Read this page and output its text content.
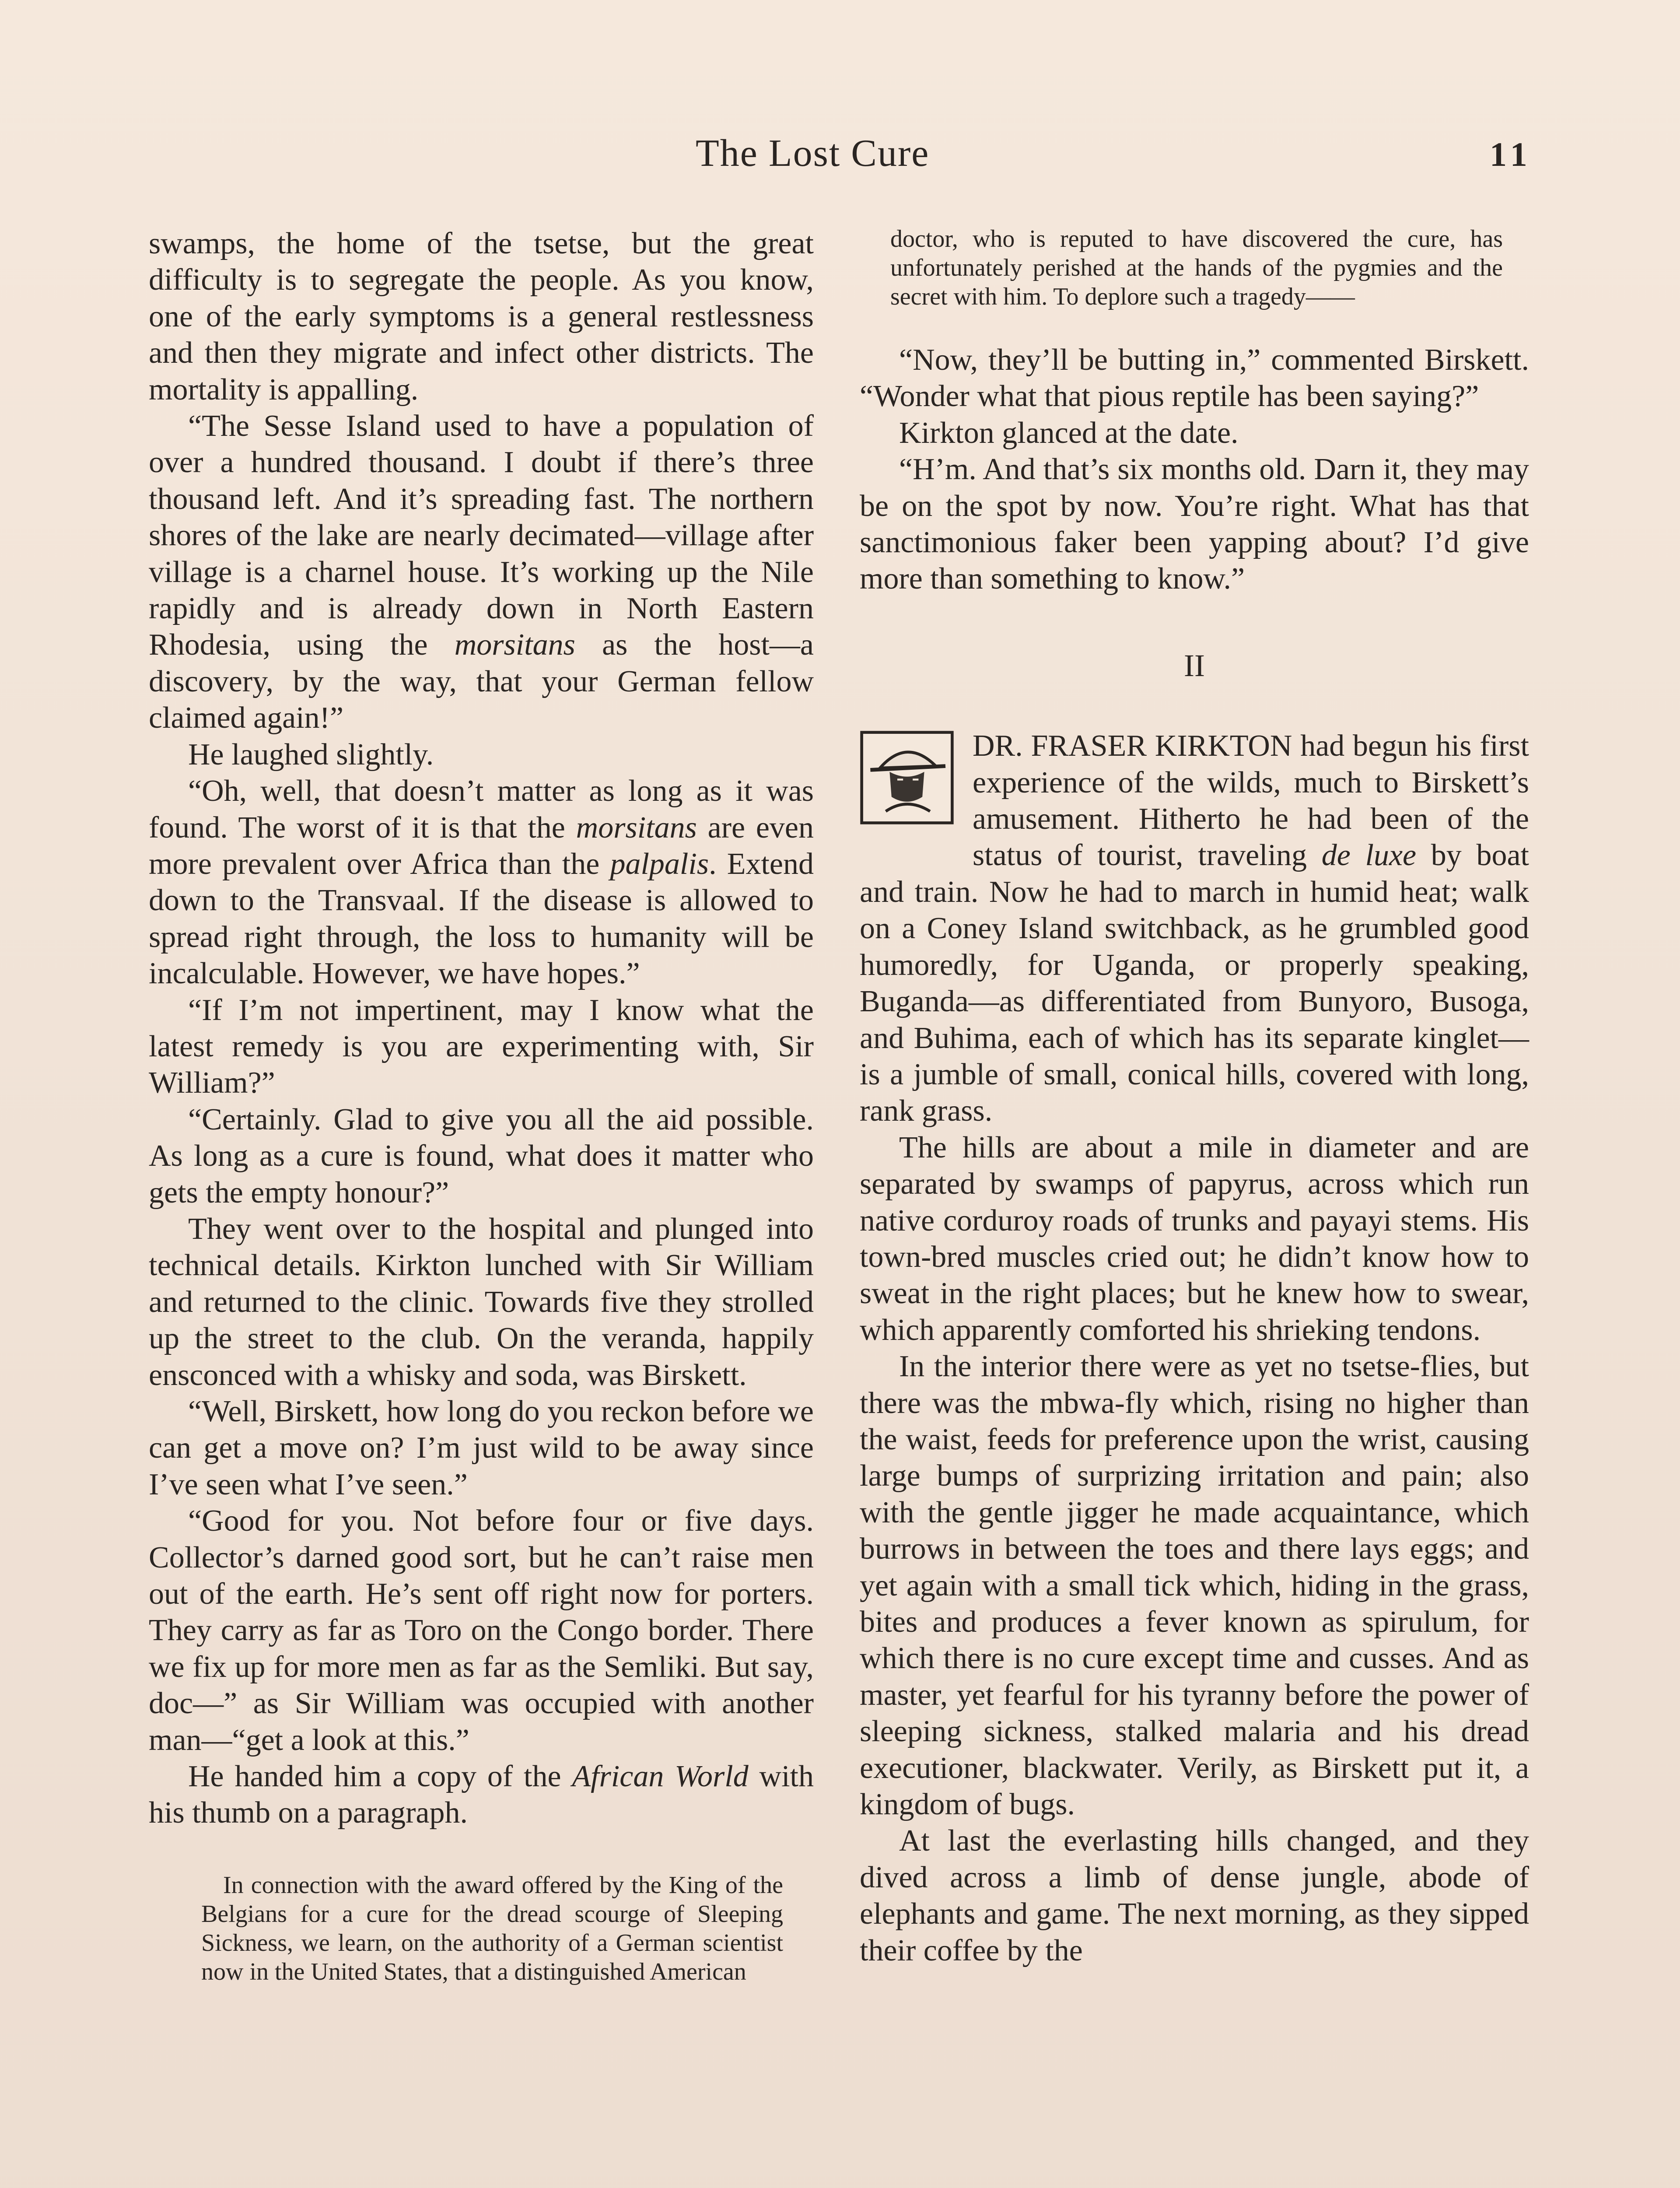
The Lost Cure	11

swamps, the home of the tsetse, but the great difficulty is to segregate the people. As you know, one of the early symptoms is a general restlessness and then they migrate and infect other districts. The mortality is appalling.

“The Sesse Island used to have a population of over a hundred thousand. I doubt if there’s three thousand left. And it’s spreading fast. The northern shores of the lake are nearly decimated—village after village is a charnel house. It’s working up the Nile rapidly and is already down in North Eastern Rhodesia, using the morsitans as the host—a discovery, by the way, that your German fellow claimed again!”

He laughed slightly.

“Oh, well, that doesn’t matter as long as it was found. The worst of it is that the morsitans are even more prevalent over Africa than the palpalis. Extend down to the Transvaal. If the disease is allowed to spread right through, the loss to humanity will be incalculable. However, we have hopes.”

“If I’m not impertinent, may I know what the latest remedy is you are experimenting with, Sir William?”

“Certainly. Glad to give you all the aid possible. As long as a cure is found, what does it matter who gets the empty honour?”

They went over to the hospital and plunged into technical details. Kirkton lunched with Sir William and returned to the clinic. Towards five they strolled up the street to the club. On the veranda, happily ensconced with a whisky and soda, was Birskett.

“Well, Birskett, how long do you reckon before we can get a move on? I’m just wild to be away since I’ve seen what I’ve seen.”

“Good for you. Not before four or five days. Collector’s darned good sort, but he can’t raise men out of the earth. He’s sent off right now for porters. They carry as far as Toro on the Congo border. There we fix up for more men as far as the Semliki. But say, doc—” as Sir William was occupied with another man—“get a look at this.”

He handed him a copy of the African World with his thumb on a paragraph.

In connection with the award offered by the King of the Belgians for a cure for the dread scourge of Sleeping Sickness, we learn, on the authority of a German scientist now in the United States, that a distinguished American

doctor, who is reputed to have discovered the cure, has unfortunately perished at the hands of the pygmies and the secret with him. To deplore such a tragedy——

“Now, they’ll be butting in,” commented Birskett. “Wonder what that pious reptile has been saying?”

Kirkton glanced at the date.

“H’m. And that’s six months old. Darn it, they may be on the spot by now. You’re right. What has that sanctimonious faker been yapping about? I’d give more than something to know.”

II

DR. FRASER KIRKTON had begun his first experience of the wilds, much to Birskett’s amusement. Hitherto he had been of the status of tourist, traveling de luxe by boat and train. Now he had to march in humid heat; walk on a Coney Island switchback, as he grumbled good humoredly, for Uganda, or properly speaking, Buganda—as differentiated from Bunyoro, Busoga, and Buhima, each of which has its separate kinglet—is a jumble of small, conical hills, covered with long, rank grass.

The hills are about a mile in diameter and are separated by swamps of papyrus, across which run native corduroy roads of trunks and payayi stems. His town-bred muscles cried out; he didn’t know how to sweat in the right places; but he knew how to swear, which apparently comforted his shrieking tendons.

In the interior there were as yet no tsetse-flies, but there was the mbwa-fly which, rising no higher than the waist, feeds for preference upon the wrist, causing large bumps of surprizing irritation and pain; also with the gentle jigger he made acquaintance, which burrows in between the toes and there lays eggs; and yet again with a small tick which, hiding in the grass, bites and produces a fever known as spirulum, for which there is no cure except time and cusses. And as master, yet fearful for his tyranny before the power of sleeping sickness, stalked malaria and his dread executioner, blackwater. Verily, as Birskett put it, a kingdom of bugs.

At last the everlasting hills changed, and they dived across a limb of dense jungle, abode of elephants and game. The next morning, as they sipped their coffee by the
